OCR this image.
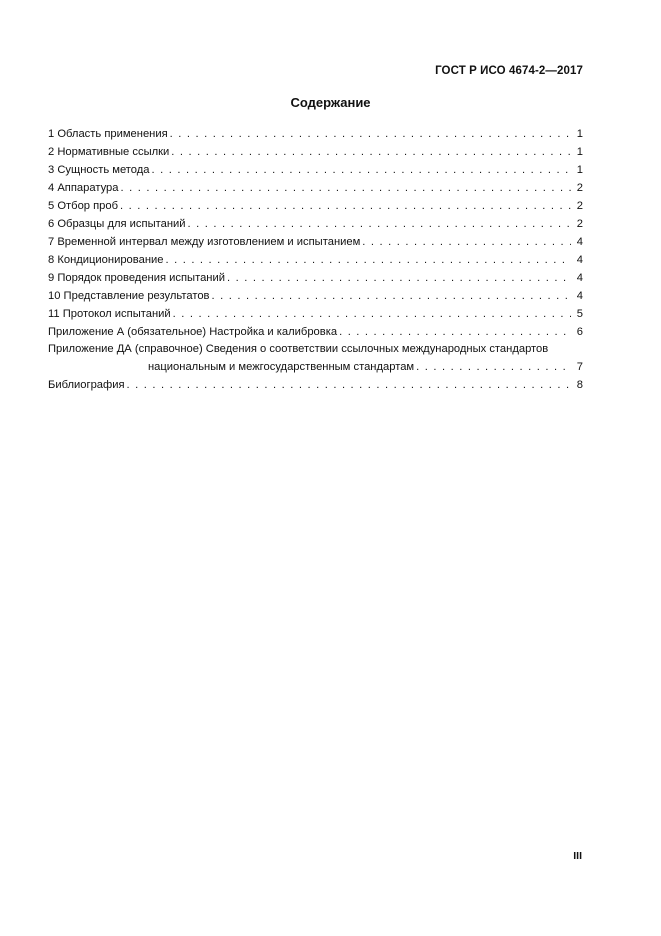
ГОСТ Р ИСО 4674-2—2017
Содержание
1 Область применения . . .	1
2 Нормативные ссылки . . .	1
3 Сущность метода . . .	1
4 Аппаратура . . .	2
5 Отбор проб . . .	2
6 Образцы для испытаний . . .	2
7 Временной интервал между изготовлением и испытанием . . .	4
8 Кондиционирование . . .	4
9 Порядок проведения испытаний . . .	4
10 Представление результатов . . .	4
11 Протокол испытаний . . .	5
Приложение А (обязательное) Настройка и калибровка . . .	6
Приложение ДА (справочное) Сведения о соответствии ссылочных международных стандартов
национальным и межгосударственным стандартам . . .	7
Библиография . . .	8
III
